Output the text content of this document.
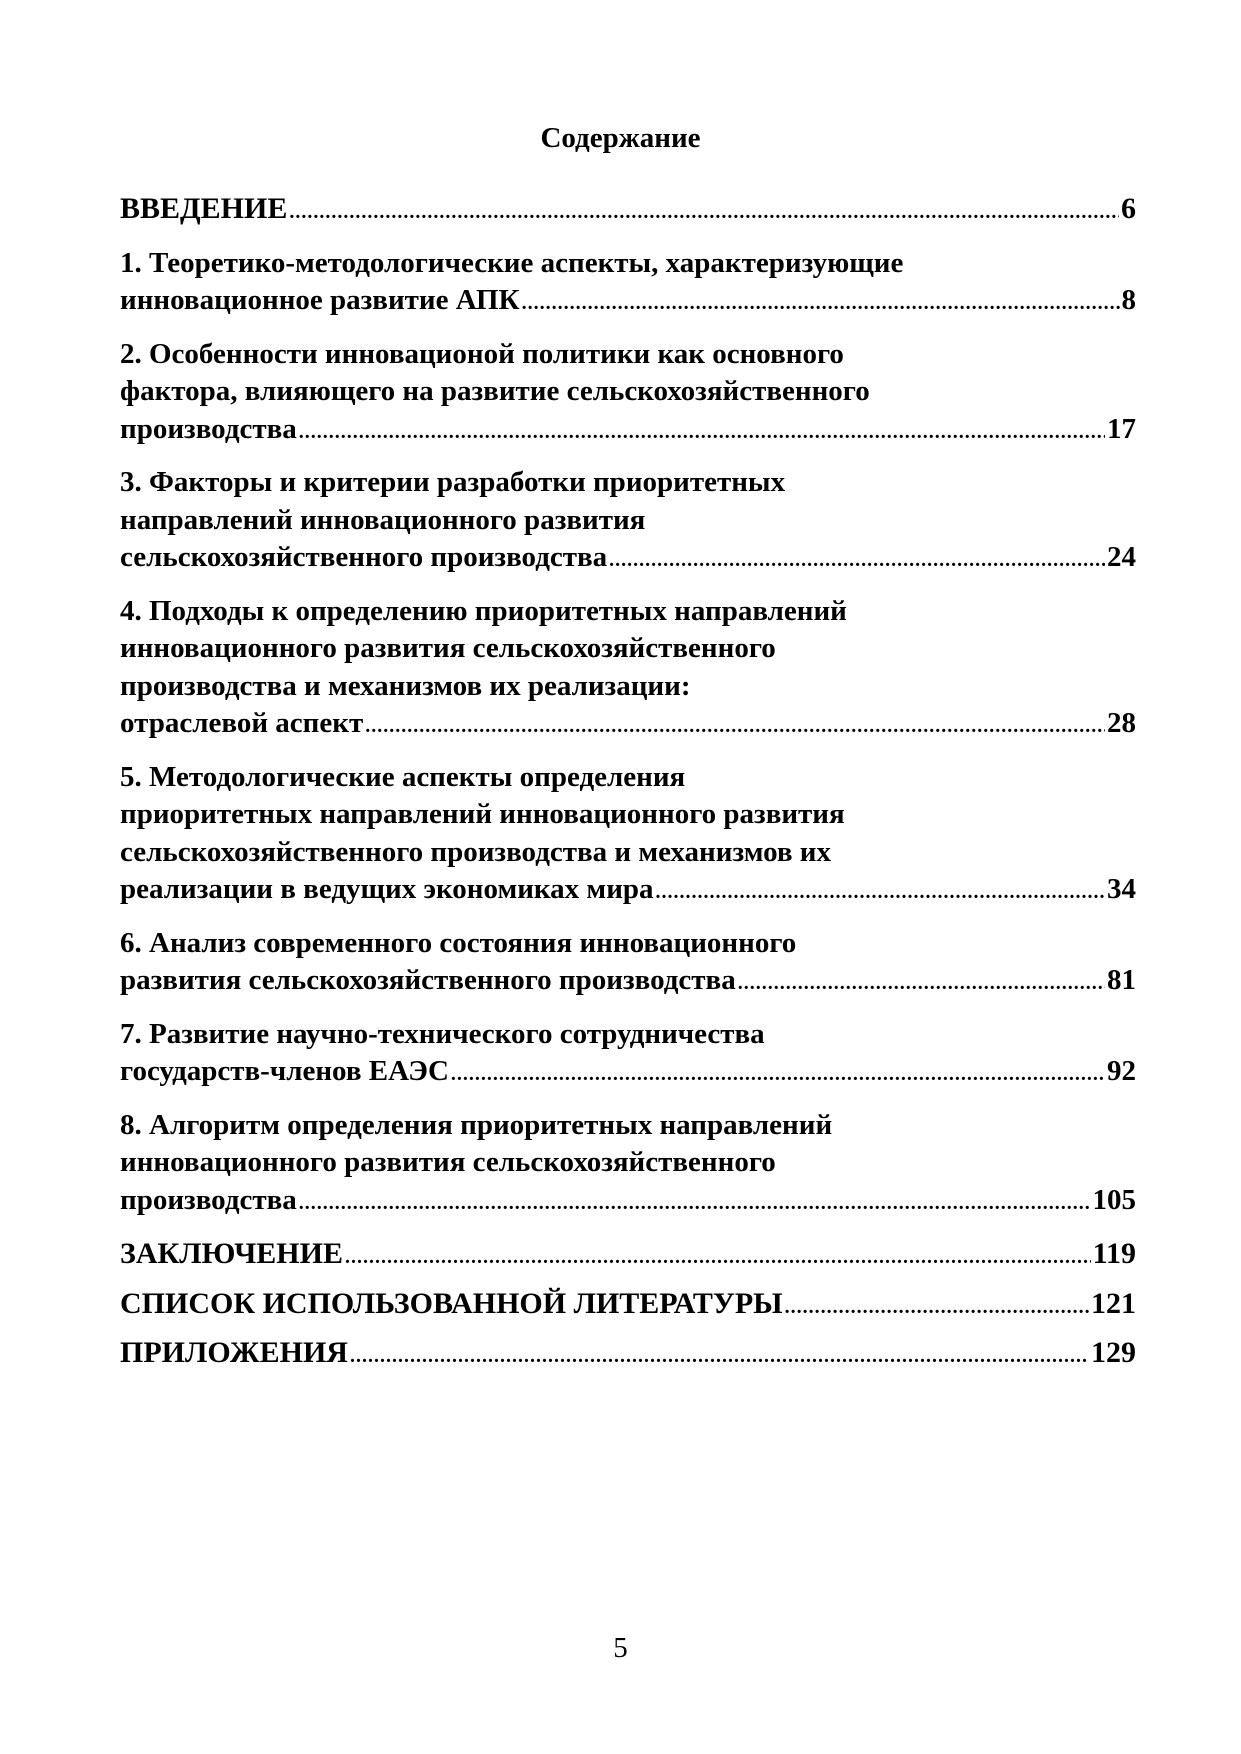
Содержание

ВВЕДЕНИЕ .....	6

1. Теоретико-методологические аспекты, характеризующие
инновационное развитие АПК .....	8

2. Особенности инновационой политики как основного
фактора, влияющего на развитие сельскохозяйственного
производства .....	17

3. Факторы и критерии разработки приоритетных
направлений инновационного развития
сельскохозяйственного производства .....	24

4. Подходы к определению приоритетных направлений
инновационного развития сельскохозяйственного
производства и механизмов их реализации:
отраслевой аспект .....	28

5. Методологические аспекты определения
приоритетных направлений инновационного развития
сельскохозяйственного производства и механизмов их
реализации в ведущих экономиках мира .....	34

6. Анализ современного состояния инновационного
развития сельскохозяйственного производства .....	81

7. Развитие научно-технического сотрудничества
государств-членов ЕАЭС .....	92

8. Алгоритм определения приоритетных направлений
инновационного развития сельскохозяйственного
производства .....	105

ЗАКЛЮЧЕНИЕ .....	119

СПИСОК ИСПОЛЬЗОВАННОЙ ЛИТЕРАТУРЫ .....	121

ПРИЛОЖЕНИЯ .....	129

5
